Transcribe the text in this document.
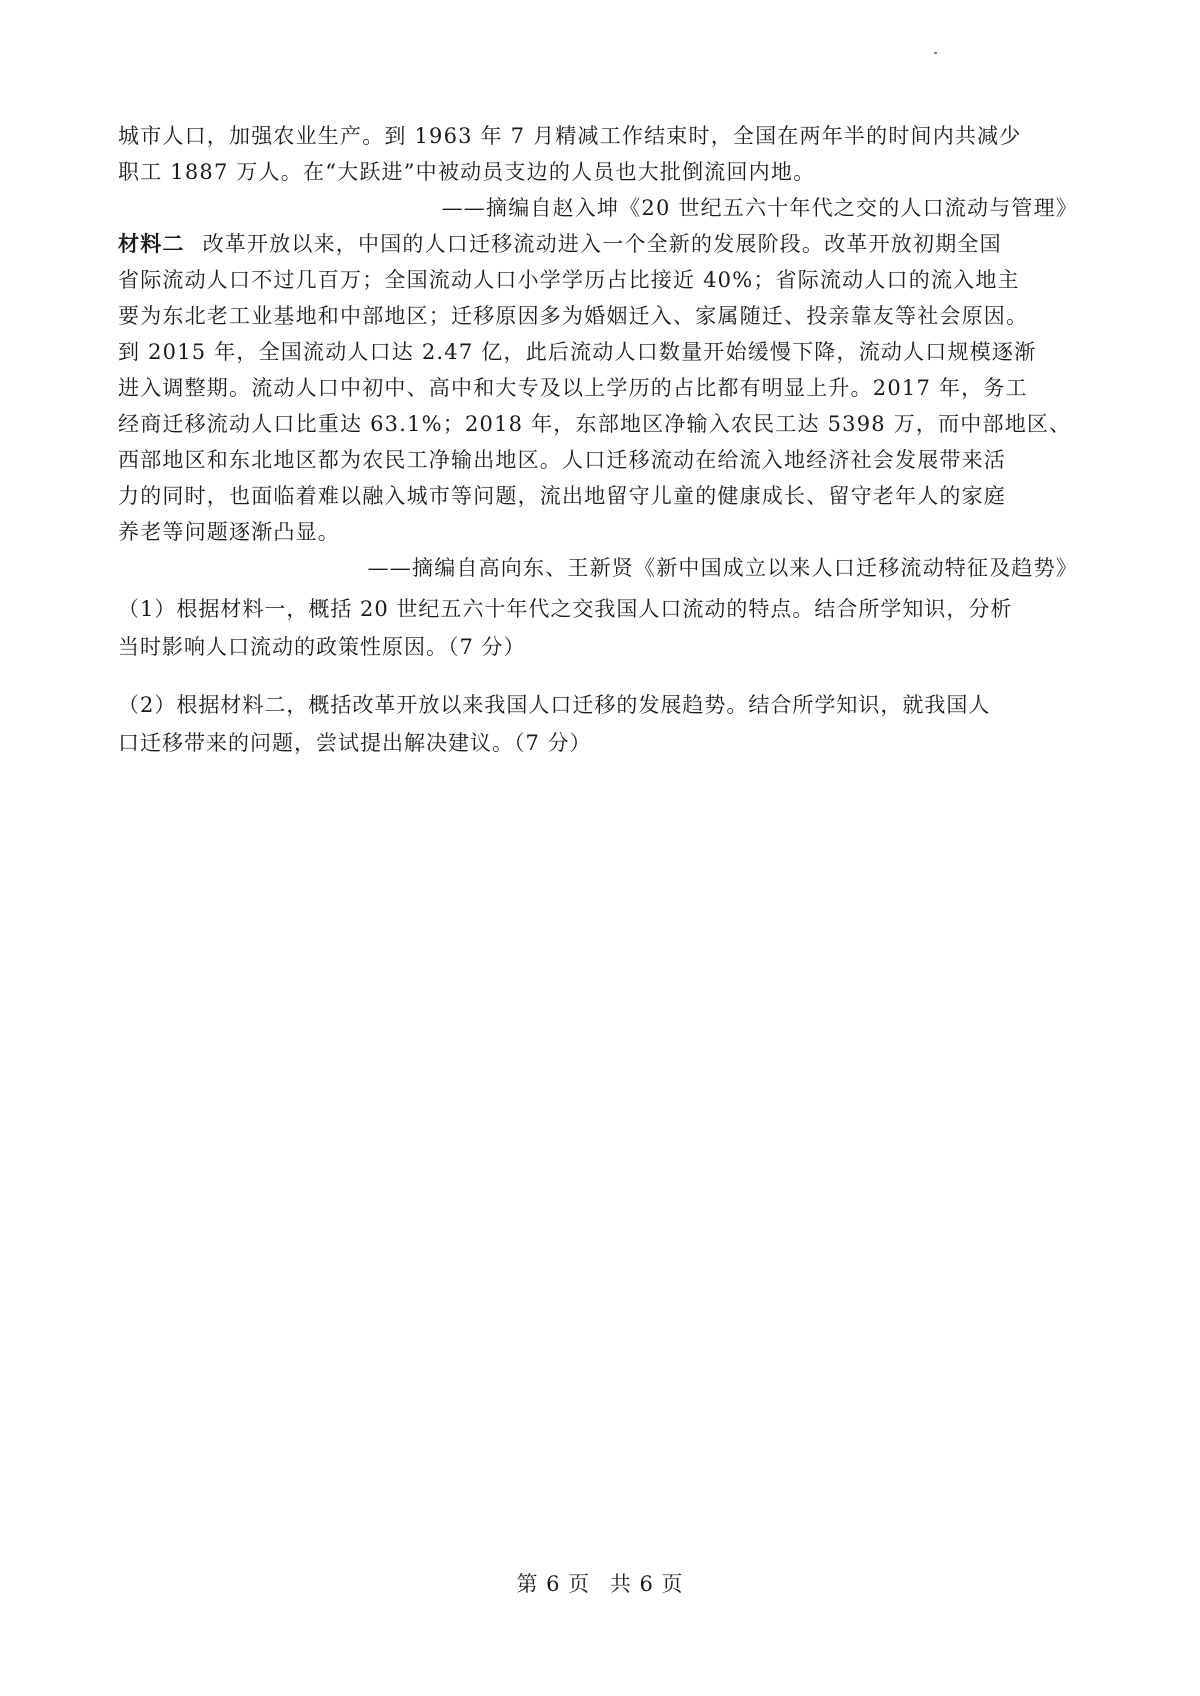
城市人口，加强农业生产。到 1963 年 7 月精减工作结束时，全国在两年半的时间内共减少
职工 1887 万人。在“大跃进”中被动员支边的人员也大批倒流回内地。
——摘编自赵入坤《20 世纪五六十年代之交的人口流动与管理》
材料二 改革开放以来，中国的人口迁移流动进入一个全新的发展阶段。改革开放初期全国
省际流动人口不过几百万；全国流动人口小学学历占比接近 40%；省际流动人口的流入地主
要为东北老工业基地和中部地区；迁移原因多为婚姻迁入、家属随迁、投亲靠友等社会原因。
到 2015 年，全国流动人口达 2.47 亿，此后流动人口数量开始缓慢下降，流动人口规模逐渐
进入调整期。流动人口中初中、高中和大专及以上学历的占比都有明显上升。2017 年，务工
经商迁移流动人口比重达 63.1%；2018 年，东部地区净输入农民工达 5398 万，而中部地区、
西部地区和东北地区都为农民工净输出地区。人口迁移流动在给流入地经济社会发展带来活
力的同时，也面临着难以融入城市等问题，流出地留守儿童的健康成长、留守老年人的家庭
养老等问题逐渐凸显。
——摘编自高向东、王新贤《新中国成立以来人口迁移流动特征及趋势》
（1）根据材料一，概括 20 世纪五六十年代之交我国人口流动的特点。结合所学知识，分析
当时影响人口流动的政策性原因。（7 分）
（2）根据材料二，概括改革开放以来我国人口迁移的发展趋势。结合所学知识，就我国人
口迁移带来的问题，尝试提出解决建议。（7 分）
第 6 页 共 6 页
